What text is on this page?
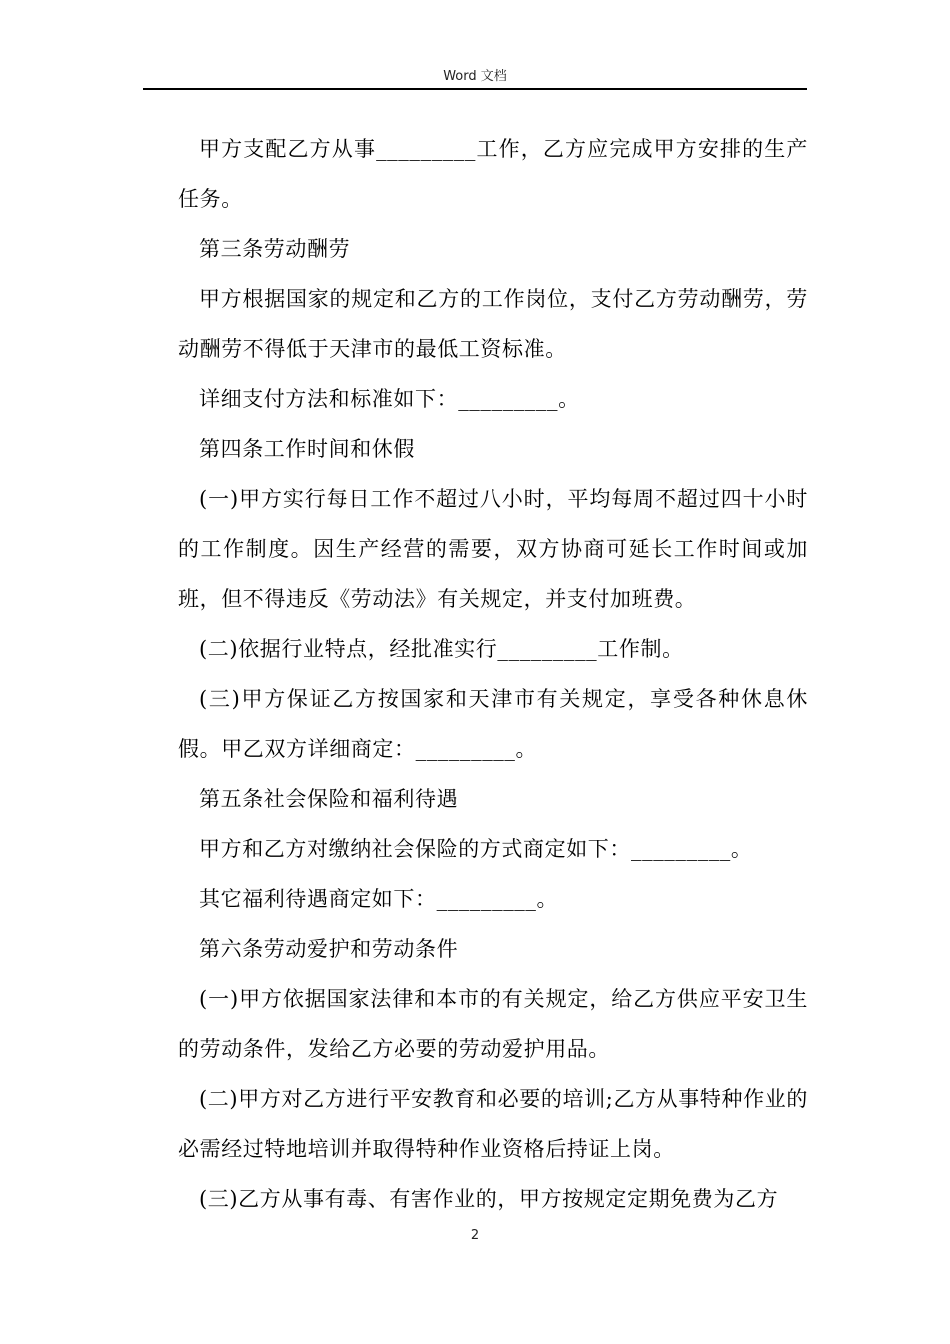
Word 文档

甲方支配乙方从事_________工作，乙方应完成甲方安排的生产任务。

第三条劳动酬劳

甲方根据国家的规定和乙方的工作岗位，支付乙方劳动酬劳，劳动酬劳不得低于天津市的最低工资标准。

详细支付方法和标准如下：_________。

第四条工作时间和休假

(一)甲方实行每日工作不超过八小时，平均每周不超过四十小时的工作制度。因生产经营的需要，双方协商可延长工作时间或加班，但不得违反《劳动法》有关规定，并支付加班费。

(二)依据行业特点，经批准实行_________工作制。

(三)甲方保证乙方按国家和天津市有关规定，享受各种休息休假。甲乙双方详细商定：_________。

第五条社会保险和福利待遇

甲方和乙方对缴纳社会保险的方式商定如下：_________。

其它福利待遇商定如下：_________。

第六条劳动爱护和劳动条件

(一)甲方依据国家法律和本市的有关规定，给乙方供应平安卫生的劳动条件，发给乙方必要的劳动爱护用品。

(二)甲方对乙方进行平安教育和必要的培训;乙方从事特种作业的必需经过特地培训并取得特种作业资格后持证上岗。

(三)乙方从事有毒、有害作业的，甲方按规定定期免费为乙方

2
